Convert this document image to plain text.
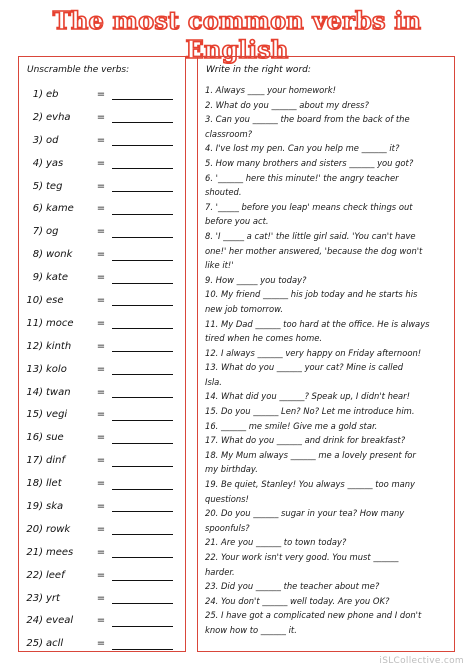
The most common verbs in English
Unscramble the verbs:
1) eb	=
2) evha	=
3) od	=
4) yas	=
5) teg	=
6) kame	=
7) og	=
8) wonk	=
9) kate	=
10) ese	=
11) moce	=
12) kinth	=
13) kolo	=
14) twan	=
15) vegi	=
16) sue	=
17) dinf	=
18) llet	=
19) ska	=
20) rowk	=
21) mees	=
22) leef	=
23) yrt	=
24) eveal	=
25) acll	=
Write in the right word:
1. Always ____ your homework!
2. What do you ______ about my dress?
3. Can you ______ the board from the back of the
classroom?
4. I've lost my pen. Can you help me ______ it?
5. How many brothers and sisters ______ you got?
6. '______ here this minute!' the angry teacher
shouted.
7. '_____ before you leap' means check things out
before you act.
8. 'I _____ a cat!' the little girl said. 'You can't have
one!' her mother answered, 'because the dog won't
like it!'
9. How _____ you today?
10. My friend ______ his job today and he starts his
new job tomorrow.
11. My Dad ______ too hard at the office. He is always
tired when he comes home.
12. I always ______ very happy on Friday afternoon!
13. What do you ______ your cat? Mine is called
Isla.
14. What did you ______? Speak up, I didn't hear!
15. Do you ______ Len? No? Let me introduce him.
16. ______ me smile! Give me a gold star.
17. What do you ______ and drink for breakfast?
18. My Mum always ______ me a lovely present for
my birthday.
19. Be quiet, Stanley! You always ______ too many
questions!
20. Do you ______ sugar in your tea? How many
spoonfuls?
21. Are you ______ to town today?
22. Your work isn't very good. You must ______
harder.
23. Did you ______ the teacher about me?
24. You don't ______ well today. Are you OK?
25. I have got a complicated new phone and I don't
know how to ______ it.
iSLCollective.com
